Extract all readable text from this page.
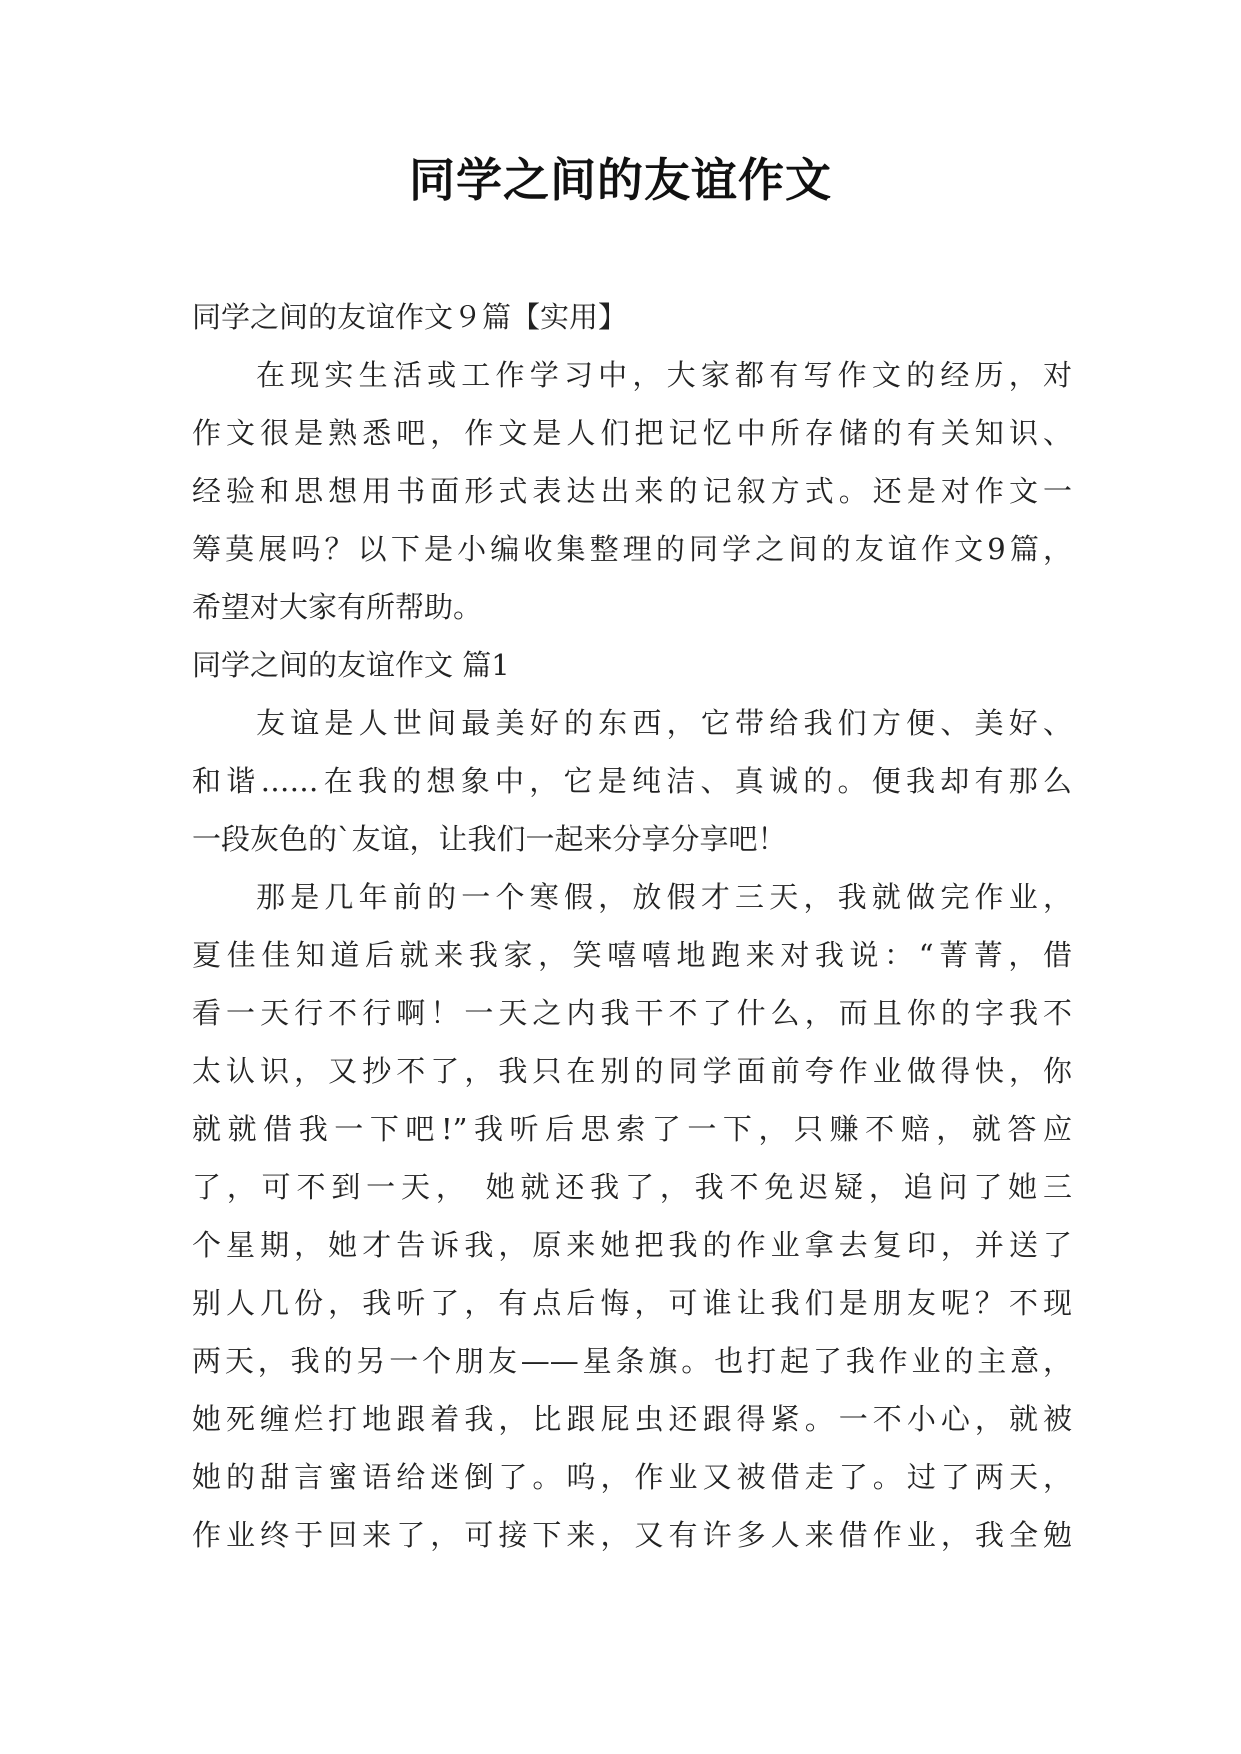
同学之间的友谊作文
同学之间的友谊作文９篇【实用】
在现实生活或工作学习中，大家都有写作文的经历，对
作文很是熟悉吧，作文是人们把记忆中所存储的有关知识、
经验和思想用书面形式表达出来的记叙方式。还是对作文一
筹莫展吗？以下是小编收集整理的同学之间的友谊作文9篇，
希望对大家有所帮助。
同学之间的友谊作文 篇1
友谊是人世间最美好的东西，它带给我们方便、美好、
和谐……在我的想象中，它是纯洁、真诚的。便我却有那么
一段灰色的`友谊，让我们一起来分享分享吧！
那是几年前的一个寒假，放假才三天，我就做完作业，
夏佳佳知道后就来我家，笑嘻嘻地跑来对我说：“菁菁，借
看一天行不行啊！一天之内我干不了什么，而且你的字我不
太认识，又抄不了，我只在别的同学面前夸作业做得快，你
就就借我一下吧!”我听后思索了一下，只赚不赔，就答应
了，可不到一天， 她就还我了，我不免迟疑，追问了她三
个星期，她才告诉我，原来她把我的作业拿去复印，并送了
别人几份，我听了，有点后悔，可谁让我们是朋友呢？不现
两天，我的另一个朋友——星条旗。也打起了我作业的主意，
她死缠烂打地跟着我，比跟屁虫还跟得紧。一不小心，就被
她的甜言蜜语给迷倒了。呜，作业又被借走了。过了两天，
作业终于回来了，可接下来，又有许多人来借作业，我全勉
